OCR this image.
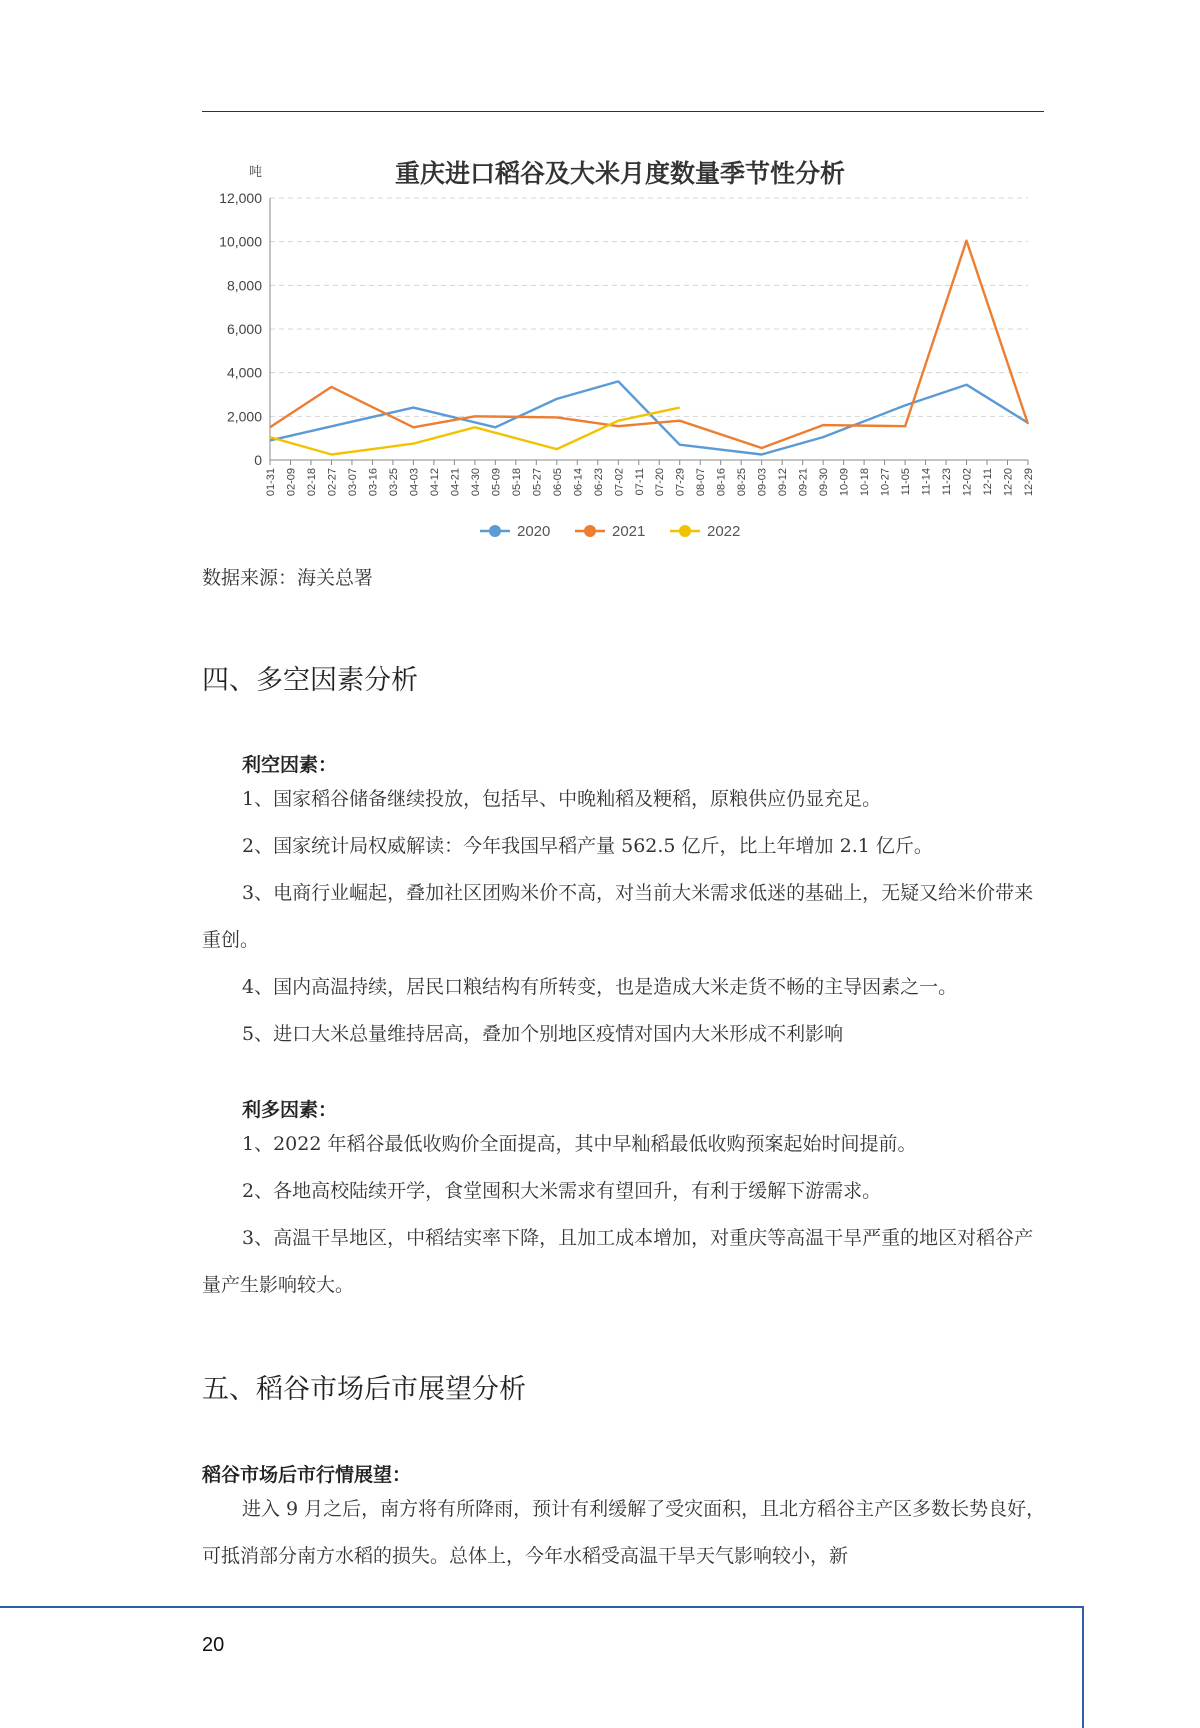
重庆进口稻谷及大米月度数量季节性分析
吨
0
2,000
4,000
6,000
8,000
10,000
12,000
01-31 02-09 02-18 02-27 03-07 03-16 03-25 04-03 04-12 04-21 04-30 05-09 05-18 05-27 06-05 06-14 06-23 07-02 07-11 07-20 07-29 08-07 08-16 08-25 09-03 09-12 09-21 09-30 10-09 10-18 10-27 11-05 11-14 11-23 12-02 12-11 12-20 12-29
2020	2021	2022

数据来源：海关总署

四、多空因素分析

利空因素：

1、国家稻谷储备继续投放，包括早、中晚籼稻及粳稻，原粮供应仍显充足。

2、国家统计局权威解读：今年我国早稻产量 562.5 亿斤，比上年增加 2.1 亿斤。

3、电商行业崛起，叠加社区团购米价不高，对当前大米需求低迷的基础上，无疑又给米价带来重创。

4、国内高温持续，居民口粮结构有所转变，也是造成大米走货不畅的主导因素之一。

5、进口大米总量维持居高，叠加个别地区疫情对国内大米形成不利影响

利多因素：

1、2022 年稻谷最低收购价全面提高，其中早籼稻最低收购预案起始时间提前。

2、各地高校陆续开学，食堂囤积大米需求有望回升，有利于缓解下游需求。

3、高温干旱地区，中稻结实率下降，且加工成本增加，对重庆等高温干旱严重的地区对稻谷产量产生影响较大。

五、稻谷市场后市展望分析

稻谷市场后市行情展望：

进入 9 月之后，南方将有所降雨，预计有利缓解了受灾面积，且北方稻谷主产区多数长势良好，可抵消部分南方水稻的损失。总体上，今年水稻受高温干旱天气影响较小，新

20
